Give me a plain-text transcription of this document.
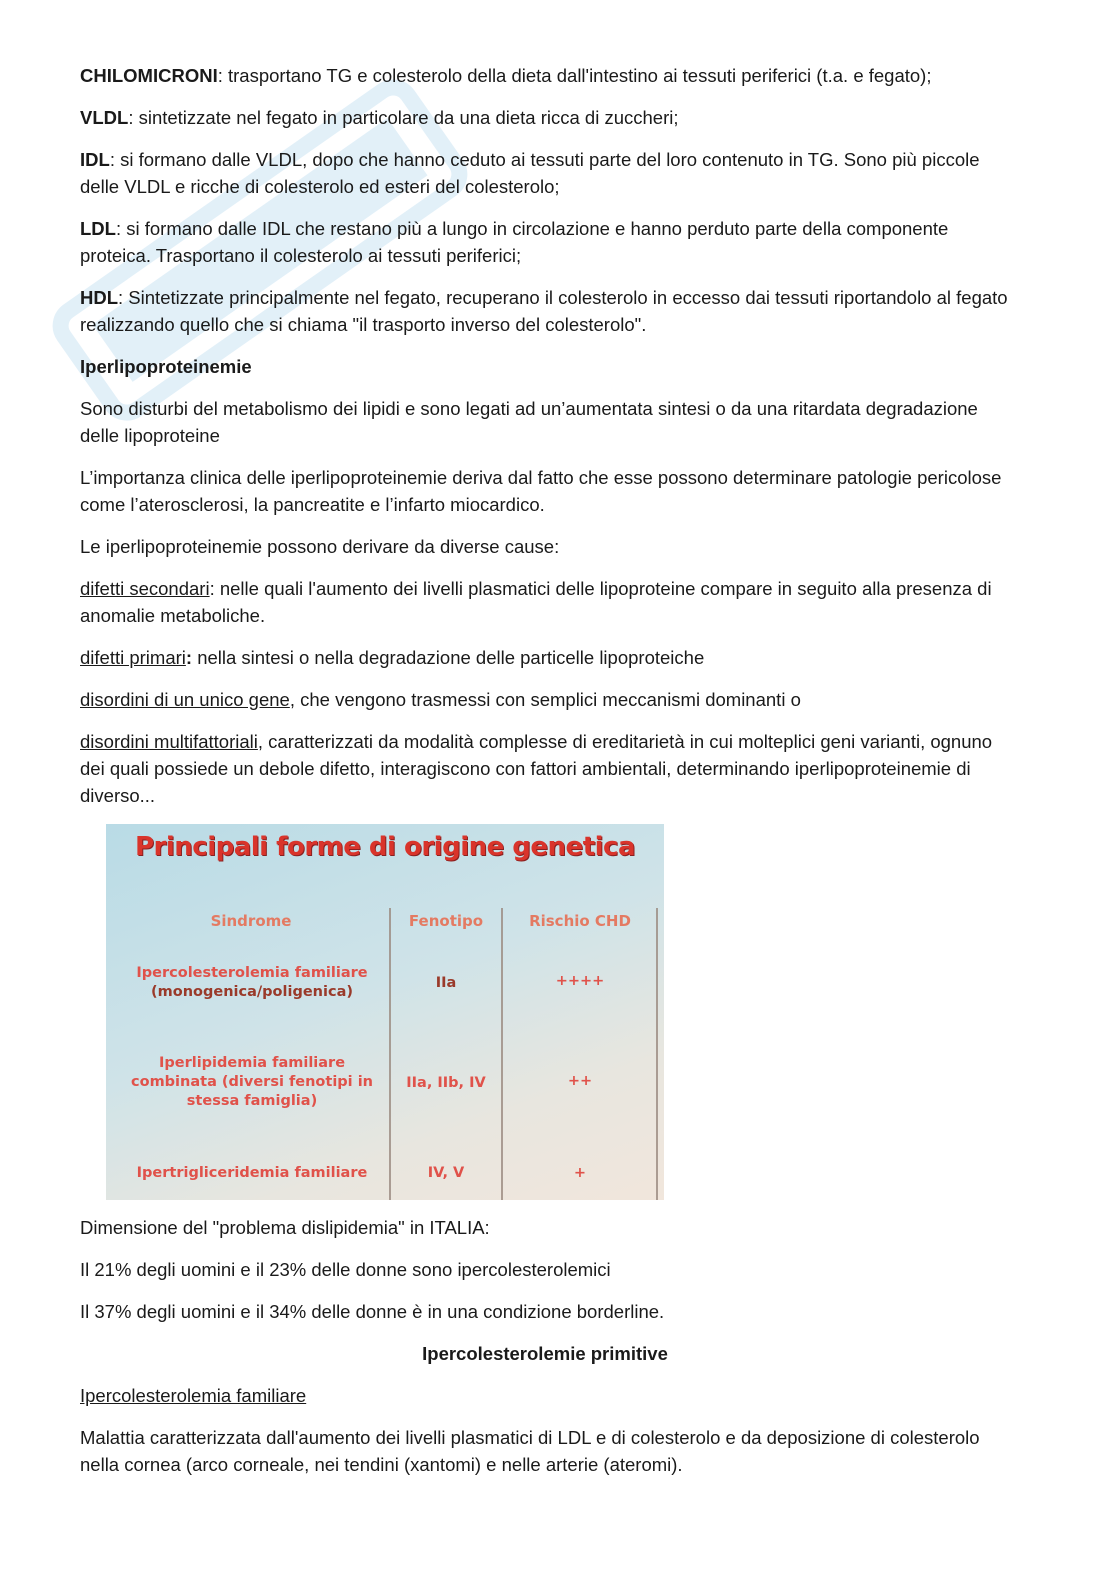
CHILOMICRONI: trasportano TG e colesterolo della dieta dall'intestino ai tessuti periferici (t.a. e fegato);

VLDL: sintetizzate nel fegato in particolare da una dieta ricca di zuccheri;

IDL: si formano dalle VLDL, dopo che hanno ceduto ai tessuti parte del loro contenuto in TG. Sono più piccole delle VLDL e ricche di colesterolo ed esteri del colesterolo;

LDL: si formano dalle IDL che restano più a lungo in circolazione e hanno perduto parte della componente proteica. Trasportano il colesterolo ai tessuti periferici;

HDL: Sintetizzate principalmente nel fegato, recuperano il colesterolo in eccesso dai tessuti riportandolo al fegato realizzando quello che si chiama "il trasporto inverso del colesterolo".

Iperlipoproteinemie

Sono disturbi del metabolismo dei lipidi e sono legati ad un’aumentata sintesi o da una ritardata degradazione delle lipoproteine

L’importanza clinica delle iperlipoproteinemie deriva dal fatto che esse possono determinare patologie pericolose come l’aterosclerosi, la pancreatite e l’infarto miocardico.

Le iperlipoproteinemie possono derivare da diverse cause:

difetti secondari: nelle quali l'aumento dei livelli plasmatici delle lipoproteine compare in seguito alla presenza di anomalie metaboliche.

difetti primari: nella sintesi o nella degradazione delle particelle lipoproteiche

disordini di un unico gene, che vengono trasmessi con semplici meccanismi dominanti o

disordini multifattoriali, caratterizzati da modalità complesse di ereditarietà in cui molteplici geni varianti, ognuno dei quali possiede un debole difetto, interagiscono con fattori ambientali, determinando iperlipoproteinemie di diverso...

Principali forme di origine genetica
Sindrome	Fenotipo	Rischio CHD
Ipercolesterolemia familiare
(monogenica/poligenica)
IIa	++++
Iperlipidemia familiare
combinata (diversi fenotipi in stessa famiglia)
IIa, IIb, IV	++
Ipertrigliceridemia familiare	IV, V	+

Dimensione del "problema dislipidemia" in ITALIA:

Il 21% degli uomini e il 23% delle donne sono ipercolesterolemici

Il 37% degli uomini e il 34% delle donne è in una condizione borderline.

Ipercolesterolemie primitive

Ipercolesterolemia familiare

Malattia caratterizzata dall'aumento dei livelli plasmatici di LDL e di colesterolo e da deposizione di colesterolo nella cornea (arco corneale, nei tendini (xantomi) e nelle arterie (ateromi).
